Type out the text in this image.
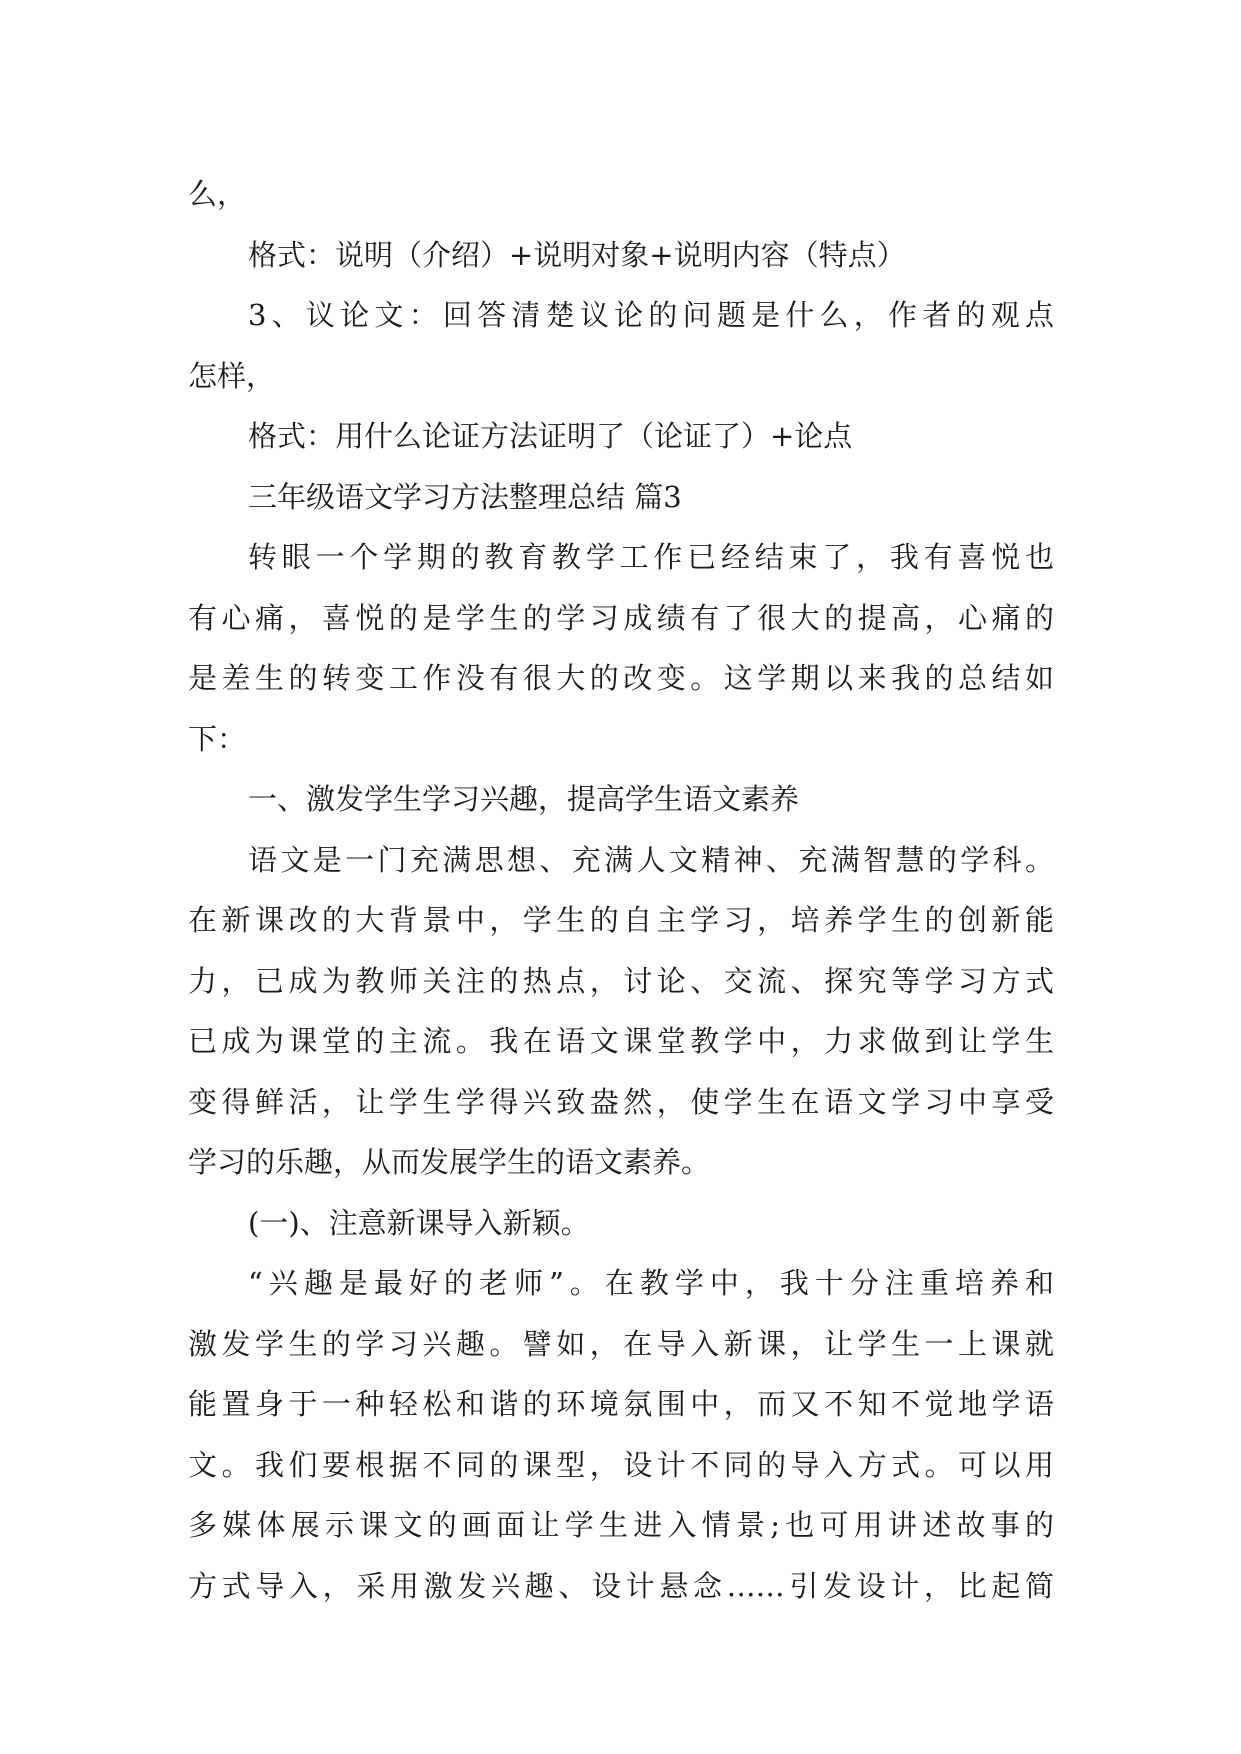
么，
格式：说明（介绍）+说明对象+说明内容（特点）
3、议论文：回答清楚议论的问题是什么，作者的观点
怎样，
格式：用什么论证方法证明了（论证了）+论点
三年级语文学习方法整理总结 篇3
转眼一个学期的教育教学工作已经结束了，我有喜悦也
有心痛，喜悦的是学生的学习成绩有了很大的提高，心痛的
是差生的转变工作没有很大的改变。这学期以来我的总结如
下：
一、激发学生学习兴趣，提高学生语文素养
语文是一门充满思想、充满人文精神、充满智慧的学科。
在新课改的大背景中，学生的自主学习，培养学生的创新能
力，已成为教师关注的热点，讨论、交流、探究等学习方式
已成为课堂的主流。我在语文课堂教学中，力求做到让学生
变得鲜活，让学生学得兴致盎然，使学生在语文学习中享受
学习的乐趣，从而发展学生的语文素养。
(一)、注意新课导入新颖。
“兴趣是最好的老师”。在教学中，我十分注重培养和
激发学生的学习兴趣。譬如，在导入新课，让学生一上课就
能置身于一种轻松和谐的环境氛围中，而又不知不觉地学语
文。我们要根据不同的课型，设计不同的导入方式。可以用
多媒体展示课文的画面让学生进入情景;也可用讲述故事的
方式导入，采用激发兴趣、设计悬念……引发设计，比起简
